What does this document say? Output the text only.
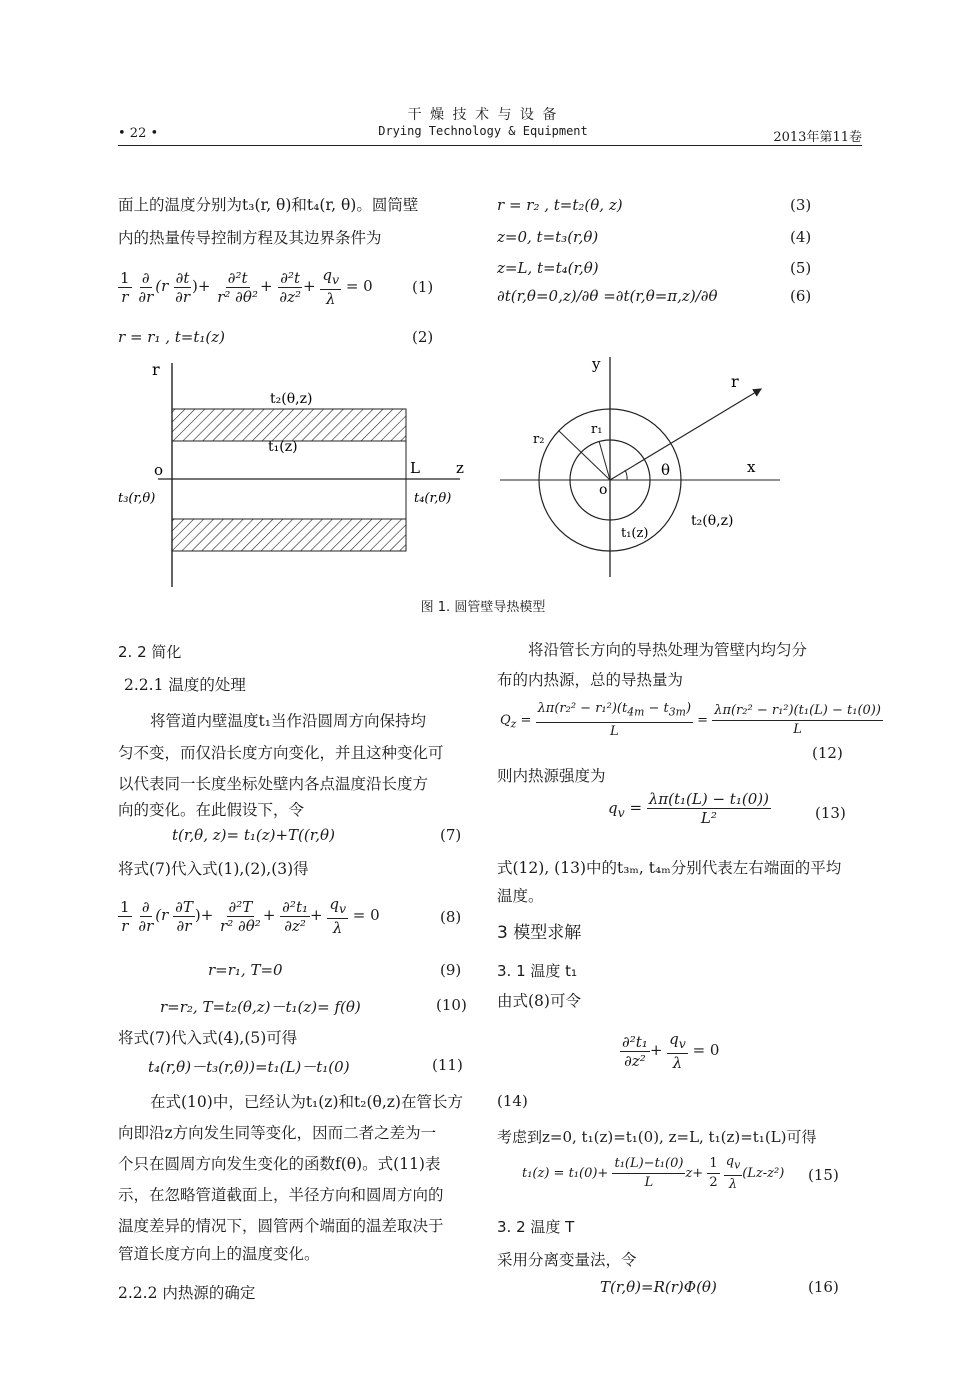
干 燥 技 术 与 设 备
Drying Technology & Equipment
• 22 •	2013年第11卷
面上的温度分别为t₃(r, θ)和t₄(r, θ)。圆筒壁
内的热量传导控制方程及其边界条件为
$\frac{1}{r}$
$\frac{\partial}{\partial r} (r \frac{\partial t}{\partial r}$ )+ $\frac{\text{∂²t}}{\text{r² ∂θ²}} + \frac{\text{∂²t}}{\text{∂z²}} + \frac{q_v}{\lambda} = 0$	(1)
r = r₁ , t=t₁(z)	(2)
r = r₂ , t=t₂(θ, z)	(3)
z=0, t=t₃(r,θ)	(4)
z=L, t=t₄(r,θ)	(5)
∂t(r,θ=0,z)/∂θ =∂t(r,θ=π,z)/∂θ	(6)
r
t₂(θ,z)
t₁(z)
o	L z
t₃(r,θ)	t₄(r,θ)
y
r
r₂
r₁
x
θ
o
t₁(z)
t₂(θ,z)
图 1. 圆管壁导热模型
2. 2 简化
2.2.1 温度的处理
将管道内壁温度t₁当作沿圆周方向保持均
匀不变，而仅沿长度方向变化，并且这种变化可
以代表同一长度坐标处壁内各点温度沿长度方
向的变化。在此假设下，令
t(r,θ, z)= t₁(z)+T((r,θ)	(7)
将式(7)代入式(1),(2),(3)得
$\frac{1}{r}$
$\frac{\partial}{\partial r} (r \frac{\partial T}{\partial r}$ )+ $\frac{\text{∂²T}}{\text{r² ∂θ²}} + \frac{\text{∂²t₁}}{\text{∂z²}} + \frac{q_v}{\lambda} = 0$	(8)
r=r₁, T=0	(9)
r=r₂, T=t₂(θ,z)－t₁(z)= f(θ)	(10)
将式(7)代入式(4),(5)可得
t₄(r,θ)－t₃(r,θ))=t₁(L)－t₁(0)	(11)
在式(10)中，已经认为t₁(z)和t₂(θ,z)在管长方
向即沿z方向发生同等变化，因而二者之差为一
个只在圆周方向发生变化的函数f(θ)。式(11)表
示，在忽略管道截面上，半径方向和圆周方向的
温度差异的情况下，圆管两个端面的温差取决于
管道长度方向上的温度变化。
2.2.2 内热源的确定
将沿管长方向的导热处理为管壁内均匀分
布的内热源，总的导热量为
$Q_z = \frac{\lambda\pi(r_2^2 - r_1^2)(t_{4m} - t_{3m})}{L} = \frac{\text{λπ(r₂² − r₁²)(t₁(L) − t₁(0))}}{L}$
(12)
则内热源强度为
$q_v = \frac{\text{λπ(t₁(L) − t₁(0))}}{\text{L²}}$	(13)
式(12), (13)中的t₃ₘ, t₄ₘ分别代表左右端面的平均
温度。
3 模型求解
3. 1 温度 t₁
由式(8)可令
$\frac{\text{∂²t₁}}{\text{∂z²}} + \frac{q_v}{\lambda} = 0$
(14)
考虑到z=0, t₁(z)=t₁(0), z=L, t₁(z)=t₁(L)可得
$t_1(z) = t_1(0)+ \frac{\text{t₁(L)−t₁(0)}}{L} z+ \frac{1}{2}$
$\frac{q_v}{\lambda} (Lz-z^2)$ (15)
3. 2 温度 T
采用分离变量法，令
T(r,θ)=R(r)Φ(θ)	(16)
